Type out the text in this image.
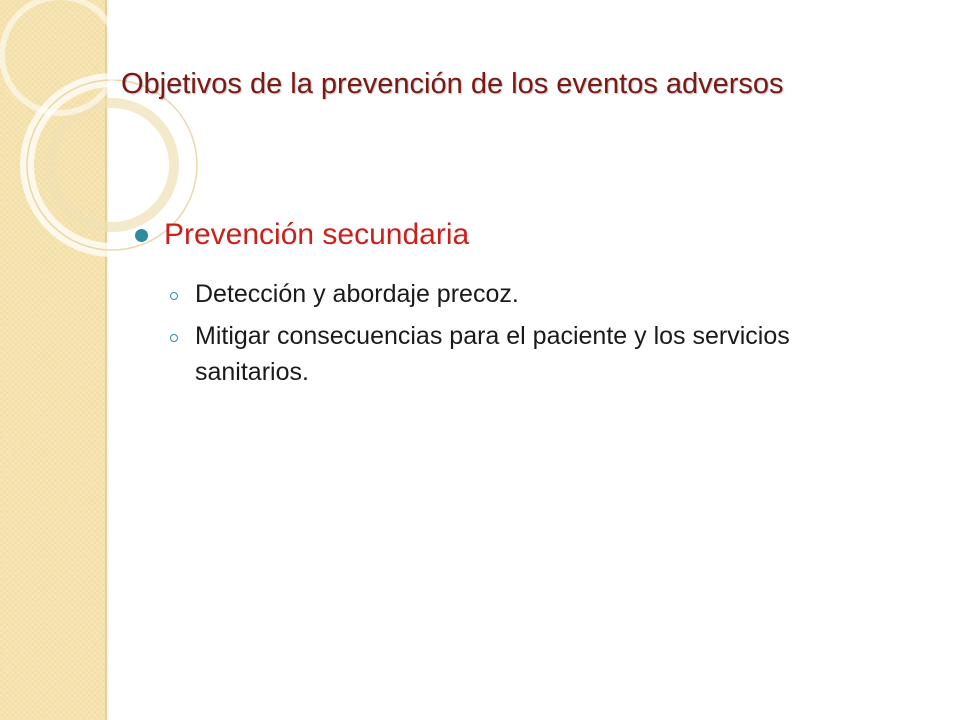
Objetivos de la prevención de los eventos adversos
Prevención secundaria
Detección y abordaje precoz.
Mitigar consecuencias para el paciente y los servicios sanitarios.
